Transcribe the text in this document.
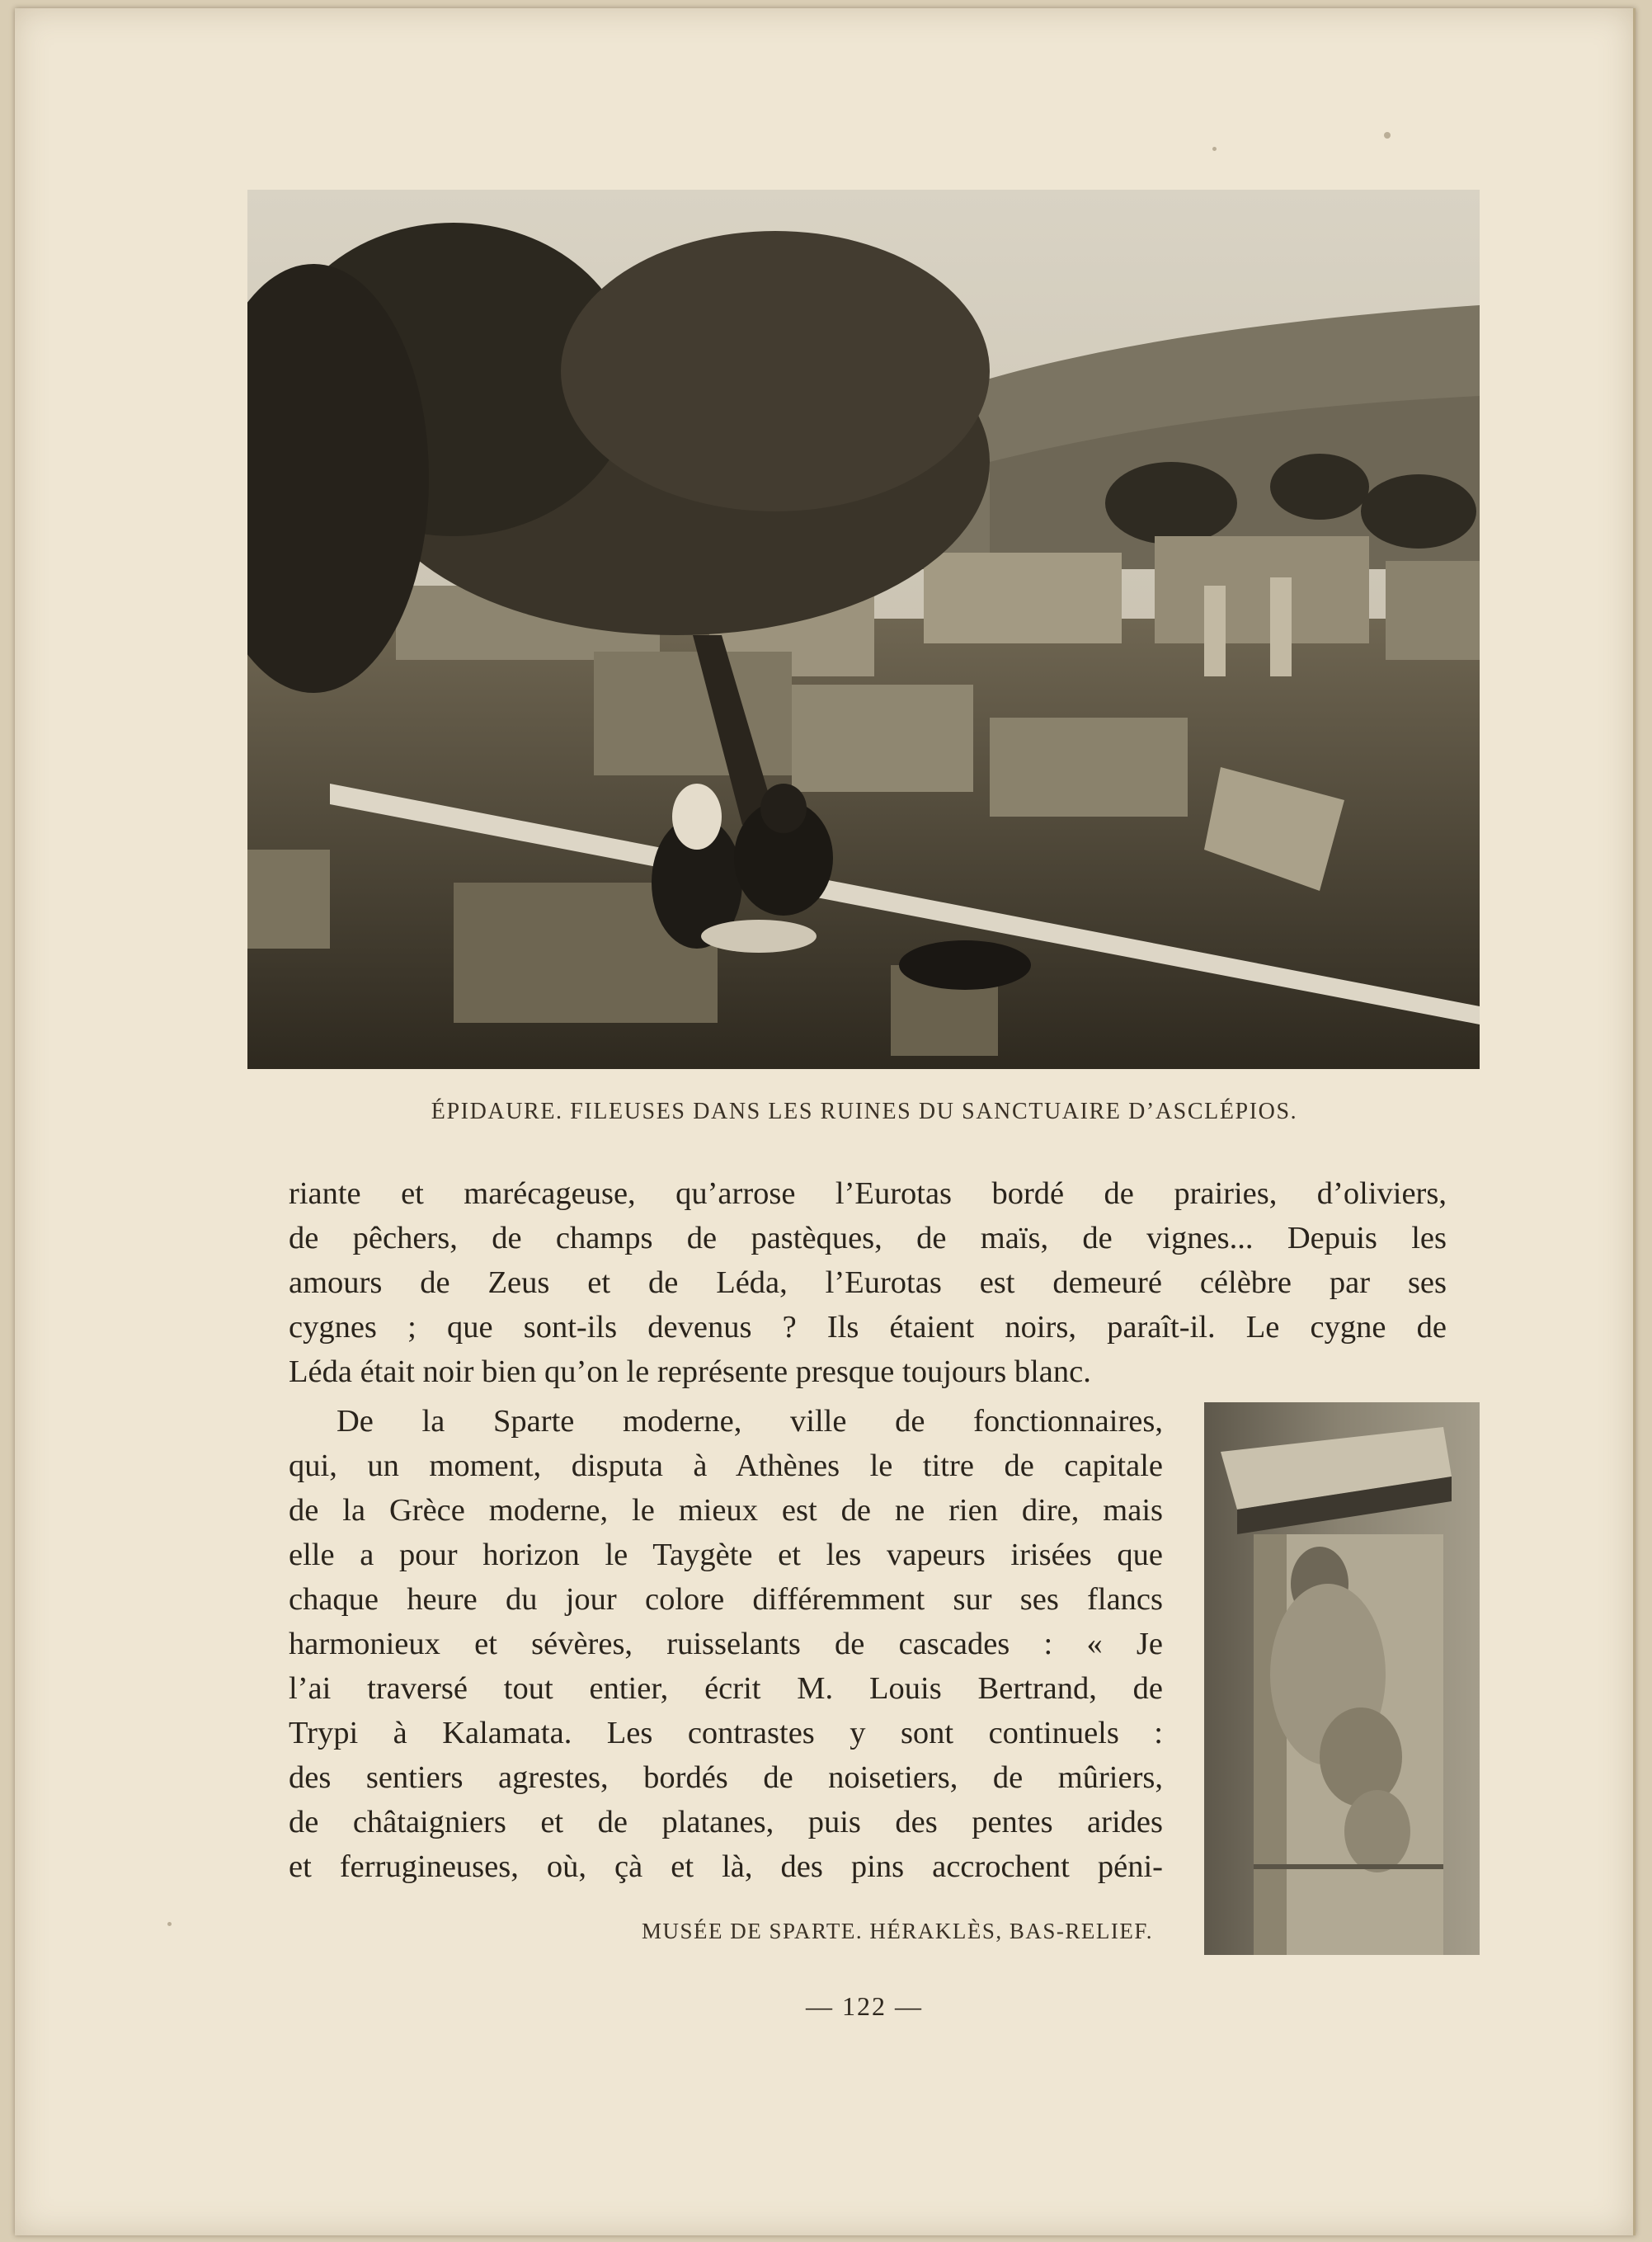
ÉPIDAURE. FILEUSES DANS LES RUINES DU SANCTUAIRE D’ASCLÉPIOS.
riante et marécageuse, qu’arrose l’Eurotas bordé de prairies, d’oliviers,
de pêchers, de champs de pastèques, de maïs, de vignes... Depuis les
amours de Zeus et de Léda, l’Eurotas est demeuré célèbre par ses
cygnes ; que sont-ils devenus ? Ils étaient noirs, paraît-il. Le cygne de
Léda était noir bien qu’on le représente presque toujours blanc.
De la Sparte moderne, ville de fonctionnaires,
qui, un moment, disputa à Athènes le titre de capitale
de la Grèce moderne, le mieux est de ne rien dire, mais
elle a pour horizon le Taygète et les vapeurs irisées que
chaque heure du jour colore différemment sur ses flancs
harmonieux et sévères, ruisselants de cascades : « Je
l’ai traversé tout entier, écrit M. Louis Bertrand, de
Trypi à Kalamata. Les contrastes y sont continuels :
des sentiers agrestes, bordés de noisetiers, de mûriers,
de châtaigniers et de platanes, puis des pentes arides
et ferrugineuses, où, çà et là, des pins accrochent péni-
MUSÉE DE SPARTE. HÉRAKLÈS, BAS-RELIEF.
— 122 —
